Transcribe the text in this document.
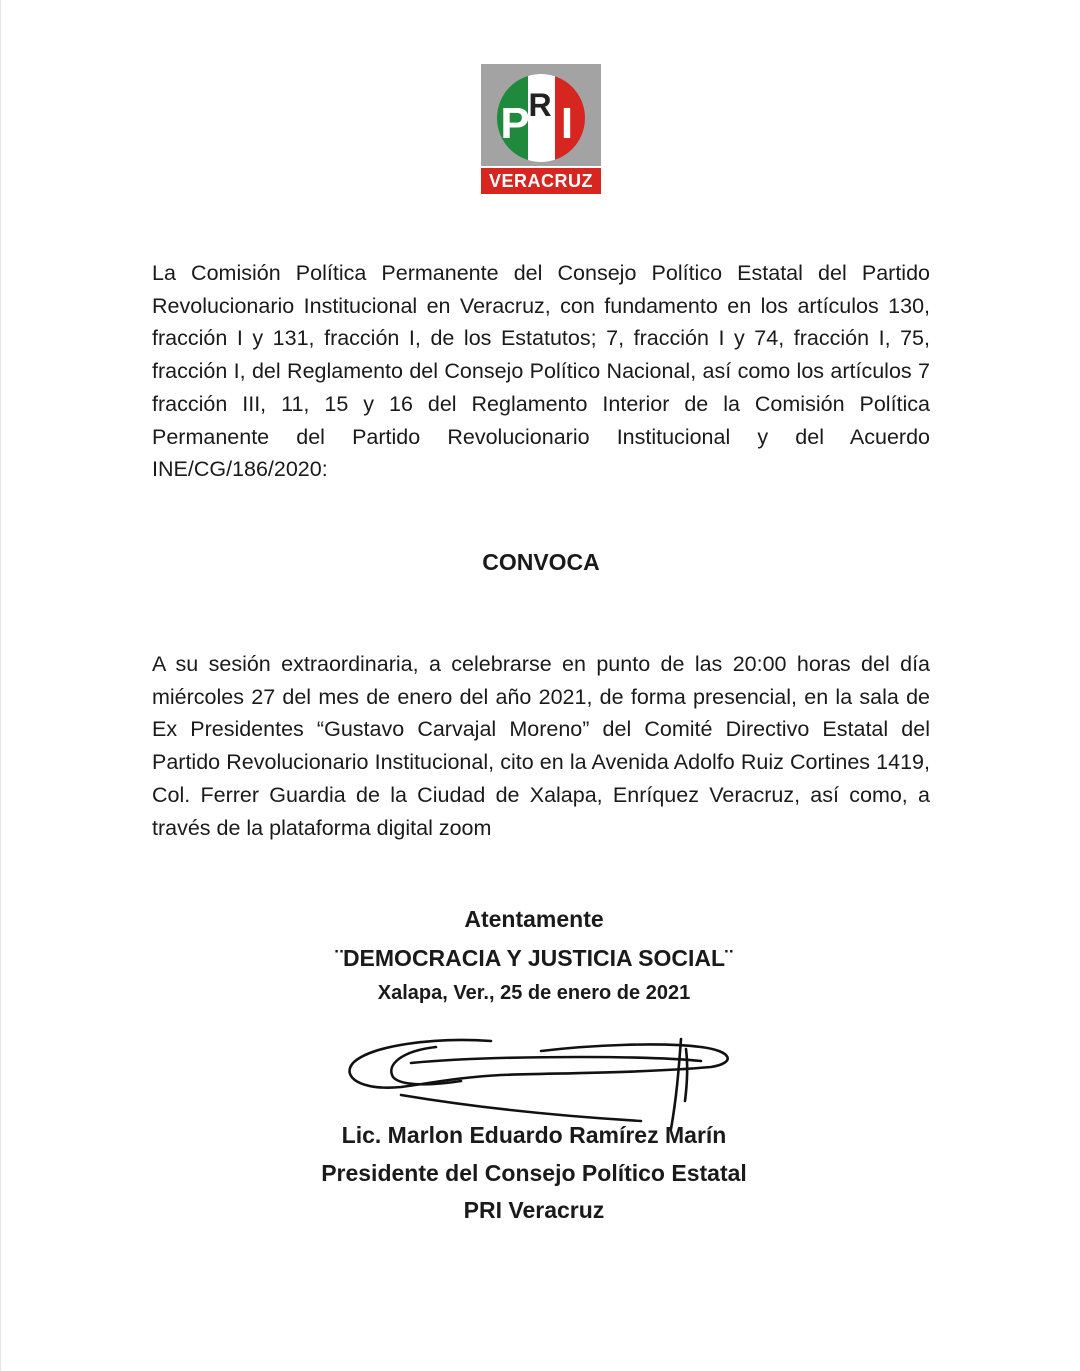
P
R I
VERACRUZ

La Comisión Política Permanente del Consejo Político Estatal del Partido Revolucionario Institucional en Veracruz, con fundamento en los artículos 130, fracción I y 131, fracción I, de los Estatutos; 7, fracción I y 74, fracción I, 75, fracción I, del Reglamento del Consejo Político Nacional, así como los artículos 7 fracción III, 11, 15 y 16 del Reglamento Interior de la Comisión Política Permanente del Partido Revolucionario Institucional y del Acuerdo INE/CG/186/2020:

CONVOCA

A su sesión extraordinaria, a celebrarse en punto de las 20:00 horas del día miércoles 27 del mes de enero del año 2021, de forma presencial, en la sala de Ex Presidentes “Gustavo Carvajal Moreno” del Comité Directivo Estatal del Partido Revolucionario Institucional, cito en la Avenida Adolfo Ruiz Cortines 1419, Col. Ferrer Guardia de la Ciudad de Xalapa, Enríquez Veracruz, así como, a través de la plataforma digital zoom

Atentamente

¨DEMOCRACIA Y JUSTICIA SOCIAL¨

Xalapa, Ver., 25 de enero de 2021

Lic. Marlon Eduardo Ramírez Marín

Presidente del Consejo Político Estatal

PRI Veracruz
